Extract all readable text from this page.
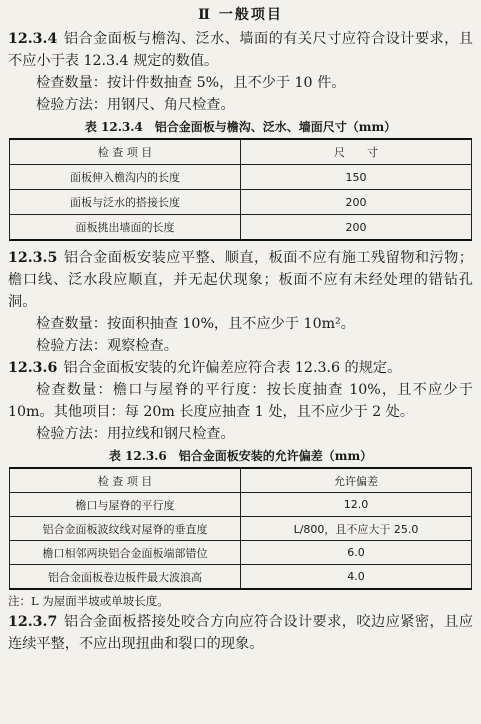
Ⅱ 一般项目

12.3.4 铝合金面板与檐沟、泛水、墙面的有关尺寸应符合设计要求，且不应小于表 12.3.4 规定的数值。

检查数量：按计件数抽查 5%，且不少于 10 件。

检验方法：用钢尺、角尺检查。

表 12.3.4　铝合金面板与檐沟、泛水、墙面尺寸（mm）
检 查 项 目	尺　　寸
面板伸入檐沟内的长度	150
面板与泛水的搭接长度	200
面板挑出墙面的长度	200

12.3.5 铝合金面板安装应平整、顺直，板面不应有施工残留物和污物；檐口线、泛水段应顺直，并无起伏现象；板面不应有未经处理的错钻孔洞。

检查数量：按面积抽查 10%，且不应少于 10m²。

检验方法：观察检查。

12.3.6 铝合金面板安装的允许偏差应符合表 12.3.6 的规定。

检查数量：檐口与屋脊的平行度：按长度抽查 10%，且不应少于 10m。其他项目：每 20m 长度应抽查 1 处，且不应少于 2 处。

检验方法：用拉线和钢尺检查。

表 12.3.6　铝合金面板安装的允许偏差（mm）
检 查 项 目	允许偏差
檐口与屋脊的平行度	12.0
铝合金面板波纹线对屋脊的垂直度	L/800，且不应大于 25.0
檐口相邻两块铝合金面板端部错位	6.0
铝合金面板卷边板件最大波浪高	4.0
注：L 为屋面半坡或单坡长度。

12.3.7 铝合金面板搭接处咬合方向应符合设计要求，咬边应紧密，且应连续平整，不应出现扭曲和裂口的现象。
